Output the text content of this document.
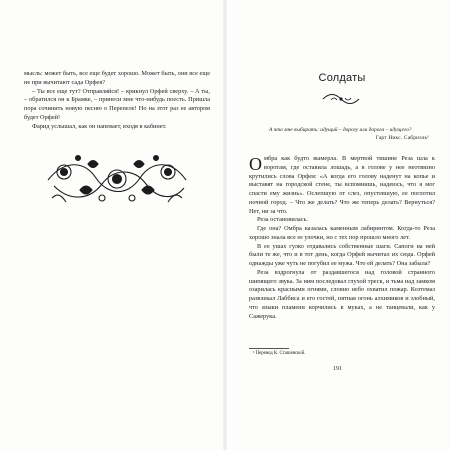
мысль: может быть, все еще будет хорошо. Может быть, они все еще не при вычитают сада Орфея?

– Ты все еще тут? Отправляйся! – крикнул Орфей сверху. – А ты, – обратился он к Брамке, – принеси мне что-нибудь поесть. Пришла пора сочинить новую песню о Перепеле! Но на этот раз ее автором будет Орфей!

Фарид услышал, как он напевает, входя в кабинет.

Солдаты
А что мне выбирать: идущий – дорогу или дорога – идущего?
Гарт Никс. Сабриэль¹

Омбра как будто вымерла. В мертвой тишине Реза шла к воротам, где оставила лошадь, а в голове у нее неотвязно крутились слова Орфея: «А когда его голову наденут на копье и выставят на городской стене, ты вспомнишь, надеюсь, что я мог спасти ему жизнь». Ослепшую от слез, опустевшую, ее поглотил ночной город. – Что же делать? Что же теперь делать? Вернуться? Нет, ни за что.

Реза остановилась.

Где она? Омбра казалась каменным лабиринтом. Когда-то Реза хорошо знала все ее улочки, но с тех пор прошло много лет.

В ее ушах гулко отдавались собственные шаги. Сапоги на ней были те же, что и в тот день, когда Орфей вычитал их сюда. Орфей однажды уже чуть не погубил ее мужа. Что ей делать? Она забыла?

Реза вздрогнула от раздавшегося над головой странного шипящего звука. За ним последовал глухой треск, и тьма над замком озарилась красными огнями, словно небо охватил пожар. Козтемаз развлекал Лаббиса и его гостей, пятная огонь алхимиков и злобный, что языки пламени корчились в муках, а не танцевали, как у Сажерука.

¹ Перевод К. Сташевской.
191
